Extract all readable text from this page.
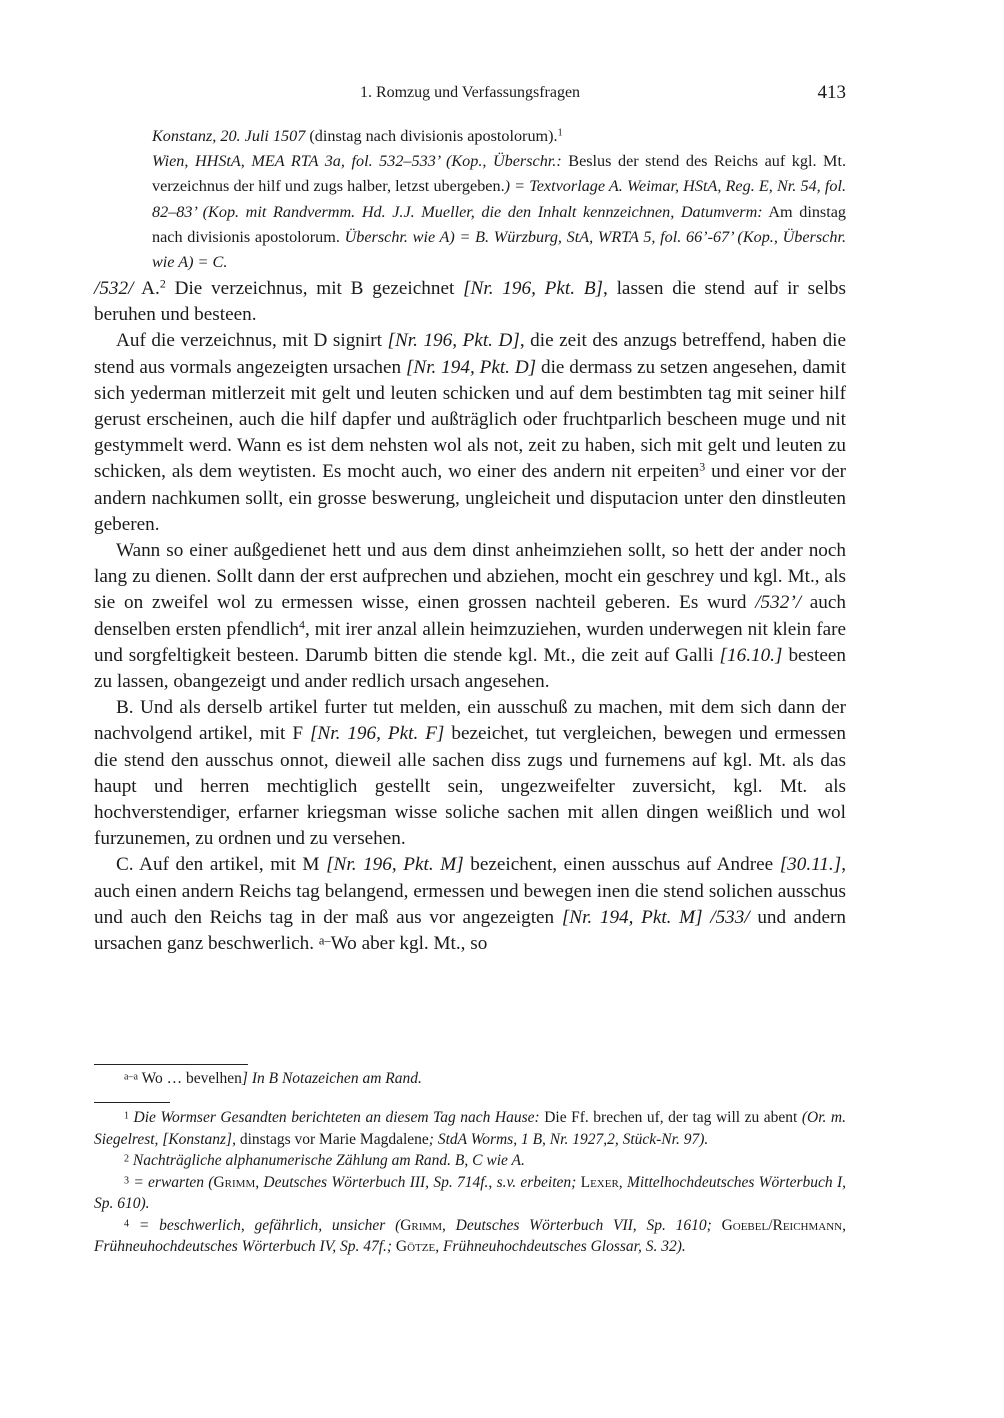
1. Romzug und Verfassungsfragen	413
Konstanz, 20. Juli 1507 (dinstag nach divisionis apostolorum).$^1$
Wien, HHStA, MEA RTA 3a, fol. 532–533’ (Kop., Überschr.: Beslus der stend des Reichs auf kgl. Mt. verzeichnus der hilf und zugs halber, letzst ubergeben.) = Textvorlage A. Weimar, HStA, Reg. E, Nr. 54, fol. 82–83’ (Kop. mit Randvermm. Hd. J.J. Mueller, die den Inhalt kennzeichnen, Datumverm: Am dinstag nach divisionis apostolorum. Überschr. wie A) = B. Würzburg, StA, WRTA 5, fol. 66’-67’ (Kop., Überschr. wie A) = C.

/532/ A.$^2$ Die verzeichnus, mit B gezeichnet [Nr. 196, Pkt. B], lassen die stend auf ir selbs beruhen und besteen.

Auf die verzeichnus, mit D signirt [Nr. 196, Pkt. D], die zeit des anzugs betreffend, haben die stend aus vormals angezeigten ursachen [Nr. 194, Pkt. D] die dermass zu setzen angesehen, damit sich yederman mitlerzeit mit gelt und leuten schicken und auf dem bestimbten tag mit seiner hilf gerust erscheinen, auch die hilf dapfer und außträglich oder fruchtparlich bescheen muge und nit gestymmelt werd. Wann es ist dem nehsten wol als not, zeit zu haben, sich mit gelt und leuten zu schicken, als dem weytisten. Es mocht auch, wo einer des andern nit erpeiten$^3$ und einer vor der andern nachkumen sollt, ein grosse beswerung, ungleicheit und disputacion unter den dinstleuten geberen.

Wann so einer außgedienet hett und aus dem dinst anheimziehen sollt, so hett der ander noch lang zu dienen. Sollt dann der erst aufprechen und abziehen, mocht ein geschrey und kgl. Mt., als sie on zweifel wol zu ermessen wisse, einen grossen nachteil geberen. Es wurd /532’/ auch denselben ersten pfendlich$^4$, mit irer anzal allein heimzuziehen, wurden underwegen nit klein fare und sorgfeltigkeit besteen. Darumb bitten die stende kgl. Mt., die zeit auf Galli [16.10.] besteen zu lassen, obangezeigt und ander redlich ursach angesehen.

B. Und als derselb artikel furter tut melden, ein ausschuß zu machen, mit dem sich dann der nachvolgend artikel, mit F [Nr. 196, Pkt. F] bezeichet, tut vergleichen, bewegen und ermessen die stend den ausschus onnot, dieweil alle sachen diss zugs und furnemens auf kgl. Mt. als das haupt und herren mechtiglich gestellt sein, ungezweifelter zuversicht, kgl. Mt. als hochverstendiger, erfarner kriegsman wisse soliche sachen mit allen dingen weißlich und wol furzunemen, zu ordnen und zu versehen.

C. Auf den artikel, mit M [Nr. 196, Pkt. M] bezeichent, einen ausschus auf Andree [30.11.], auch einen andern Reichs tag belangend, ermessen und bewegen inen die stend solichen ausschus und auch den Reichs tag in der maß aus vor angezeigten [Nr. 194, Pkt. M] /533/ und andern ursachen ganz beschwerlich. $^{a-}$Wo aber kgl. Mt., so

$^{a-a}$ Wo … bevelhen] In B Notazeichen am Rand.

$^1$ Die Wormser Gesandten berichteten an diesem Tag nach Hause: Die Ff. brechen uf, der tag will zu abent (Or. m. Siegelrest, [Konstanz], dinstags vor Marie Magdalene; StdA Worms, 1 B, Nr. 1927,2, Stück-Nr. 97).

$^2$ Nachträgliche alphanumerische Zählung am Rand. B, C wie A.

$^3$ = erwarten (Grimm, Deutsches Wörterbuch III, Sp. 714f., s.v. erbeiten; Lexer, Mittelhochdeutsches Wörterbuch I, Sp. 610).

$^4$ = beschwerlich, gefährlich, unsicher (Grimm, Deutsches Wörterbuch VII, Sp. 1610; Goebel/Reichmann, Frühneuhochdeutsches Wörterbuch IV, Sp. 47f.; Götze, Frühneuhochdeutsches Glossar, S. 32).
